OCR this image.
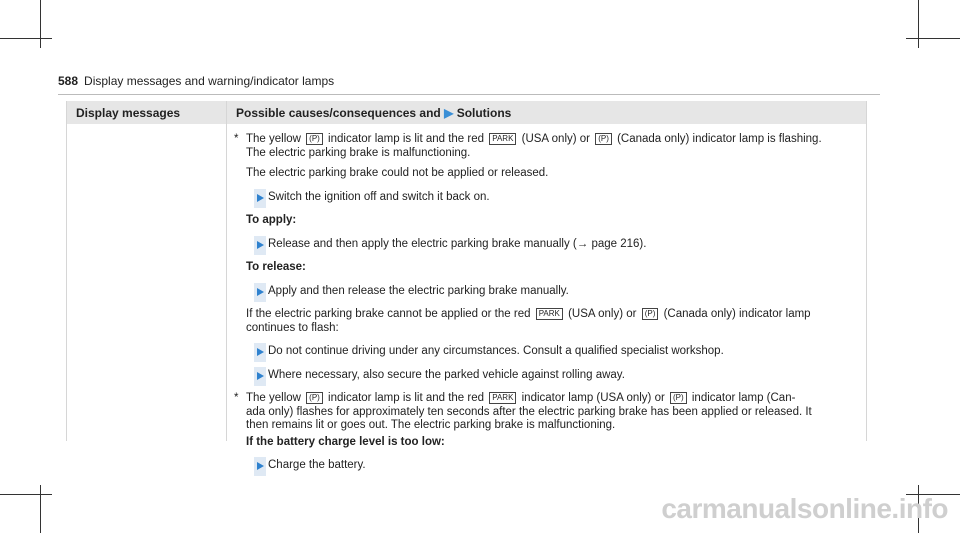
588 Display messages and warning/indicator lamps
Display messages	Possible causes/consequences and ▶ Solutions

* The yellow (P) indicator lamp is lit and the red PARK (USA only) or (P) (Canada only) indicator lamp is flashing.
The electric parking brake is malfunctioning.

The electric parking brake could not be applied or released.

Switch the ignition off and switch it back on.

To apply:

Release and then apply the electric parking brake manually (→ page 216).

To release:

Apply and then release the electric parking brake manually.

If the electric parking brake cannot be applied or the red PARK (USA only) or (P) (Canada only) indicator lamp
continues to flash:

Do not continue driving under any circumstances. Consult a qualified specialist workshop.

Where necessary, also secure the parked vehicle against rolling away.

* The yellow (P) indicator lamp is lit and the red PARK indicator lamp (USA only) or (P) indicator lamp (Can-
ada only) flashes for approximately ten seconds after the electric parking brake has been applied or released. It
then remains lit or goes out. The electric parking brake is malfunctioning.

If the battery charge level is too low:

Charge the battery.

carmanualsonline.info
